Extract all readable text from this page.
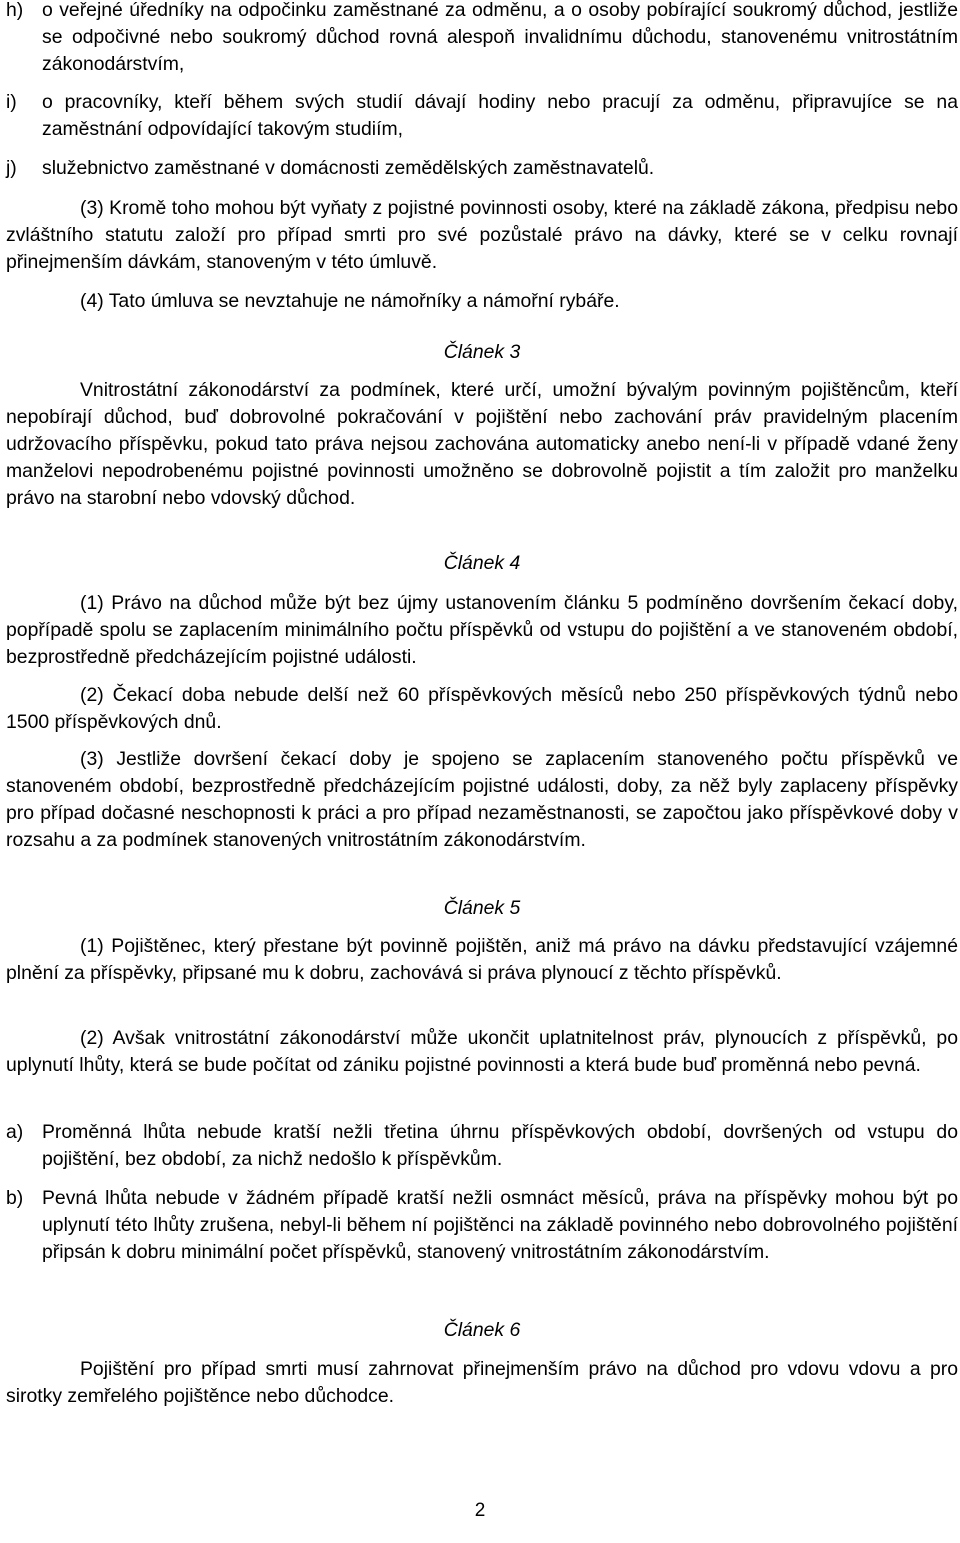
h) o veřejné úředníky na odpočinku zaměstnané za odměnu, a o osoby pobírající soukromý důchod, jestliže se odpočivné nebo soukromý důchod rovná alespoň invalidnímu důchodu, stanovenému vnitrostátním zákonodárstvím,
i)	o pracovníky, kteří během svých studií dávají hodiny nebo pracují za odměnu, připravujíce se na zaměstnání odpovídající takovým studiím,
j)	služebnictvo zaměstnané v domácnosti zemědělských zaměstnavatelů.

(3) Kromě toho mohou být vyňaty z pojistné povinnosti osoby, které na základě zákona, předpisu nebo zvláštního statutu založí pro případ smrti pro své pozůstalé právo na dávky, které se v celku rovnají přinejmenším dávkám, stanoveným v této úmluvě.

(4) Tato úmluva se nevztahuje ne námořníky a námořní rybáře.

Článek 3

Vnitrostátní zákonodárství za podmínek, které určí, umožní bývalým povinným pojištěncům, kteří nepobírají důchod, buď dobrovolné pokračování v pojištění nebo zachování práv pravidelným placením udržovacího příspěvku, pokud tato práva nejsou zachována automaticky anebo není-li v případě vdané ženy manželovi nepodrobenému pojistné povinnosti umožněno se dobrovolně pojistit a tím založit pro manželku právo na starobní nebo vdovský důchod.

Článek 4

(1) Právo na důchod může být bez újmy ustanovením článku 5 podmíněno dovršením čekací doby, popřípadě spolu se zaplacením minimálního počtu příspěvků od vstupu do pojištění a ve stanoveném období, bezprostředně předcházejícím pojistné události.

(2) Čekací doba nebude delší než 60 příspěvkových měsíců nebo 250 příspěvkových týdnů nebo 1500 příspěvkových dnů.

(3) Jestliže dovršení čekací doby je spojeno se zaplacením stanoveného počtu příspěvků ve stanoveném období, bezprostředně předcházejícím pojistné události, doby, za něž byly zaplaceny příspěvky pro případ dočasné neschopnosti k práci a pro případ nezaměstnanosti, se započtou jako příspěvkové doby v rozsahu a za podmínek stanovených vnitrostátním zákonodárstvím.

Článek 5

(1) Pojištěnec, který přestane být povinně pojištěn, aniž má právo na dávku představující vzájemné plnění za příspěvky, připsané mu k dobru, zachovává si práva plynoucí z těchto příspěvků.

(2) Avšak vnitrostátní zákonodárství může ukončit uplatnitelnost práv, plynoucích z příspěvků, po uplynutí lhůty, která se bude počítat od zániku pojistné povinnosti a která bude buď proměnná nebo pevná.

a) Proměnná lhůta nebude kratší nežli třetina úhrnu příspěvkových období, dovršených od vstupu do pojištění, bez období, za nichž nedošlo k příspěvkům.
b) Pevná lhůta nebude v žádném případě kratší nežli osmnáct měsíců, práva na příspěvky mohou být po uplynutí této lhůty zrušena, nebyl-li během ní pojištěnci na základě povinného nebo dobrovolného pojištění připsán k dobru minimální počet příspěvků, stanovený vnitrostátním zákonodárstvím.
Článek 6

Pojištění pro případ smrti musí zahrnovat přinejmenším právo na důchod pro vdovu vdovu a pro sirotky zemřelého pojištěnce nebo důchodce.

2
